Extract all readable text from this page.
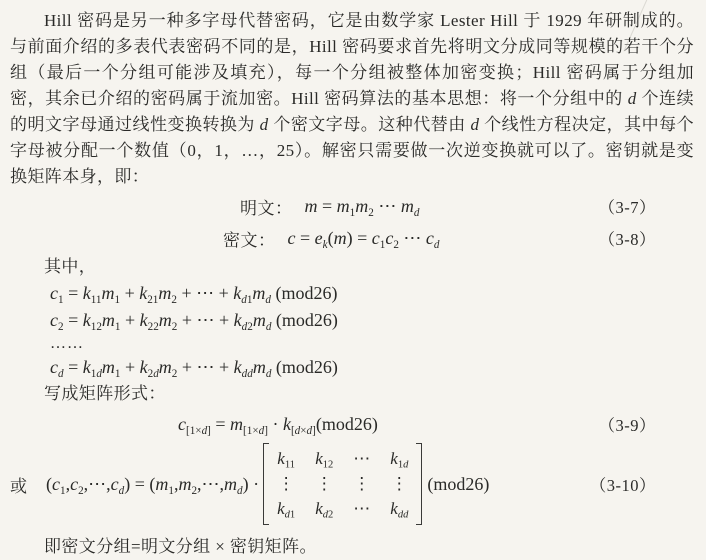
Hill 密码是另一种多字母代替密码，它是由数学家 Lester Hill 于 1929 年研制成的。与前面介绍的多表代表密码不同的是，Hill 密码要求首先将明文分成同等规模的若干个分组（最后一个分组可能涉及填充），每一个分组被整体加密变换；Hill 密码属于分组加密，其余已介绍的密码属于流加密。Hill 密码算法的基本思想：将一个分组中的 d 个连续的明文字母通过线性变换转换为 d 个密文字母。这种代替由 d 个线性方程决定，其中每个字母被分配一个数值（0，1，…，25）。解密只需要做一次逆变换就可以了。密钥就是变换矩阵本身，即：

明文： $m = m_1m_2$ ⋯ $m_d$	（3-7）
密文： $c = e_k(m) = c_1c_2$ ⋯ $c_d$	（3-8）
其中，
$c_1 = k_{11}m_1 + k_{21}m_2$ + ⋯ + $k_{d1}m_d$ (mod26)
$c_2 = k_{12}m_1 + k_{22}m_2$ + ⋯ + $k_{d2}m_d$ (mod26)
……
$c_d = k_{1d}m_1 + k_{2d}m_2$ + ⋯ + $k_{dd}m_d$ (mod26)
写成矩阵形式：
$c_{[1\times d]} = m_{[1\times d]} \cdot k_{[d\times d]}(mod26)$	（3-9）
或 $(c_1,c_2,\cdots,c_d)$ = $(m_1,m_2,\cdots,m_d)$ ·
$k_{11}$ $k_{12}$ ⋯ $k_{1d}$
⋮ ⋮ ⋮ ⋮
$k_{d1}$ $k_{d2}$ ⋯ $k_{dd}$
(mod26)	（3-10）
即密文分组=明文分组 × 密钥矩阵。
